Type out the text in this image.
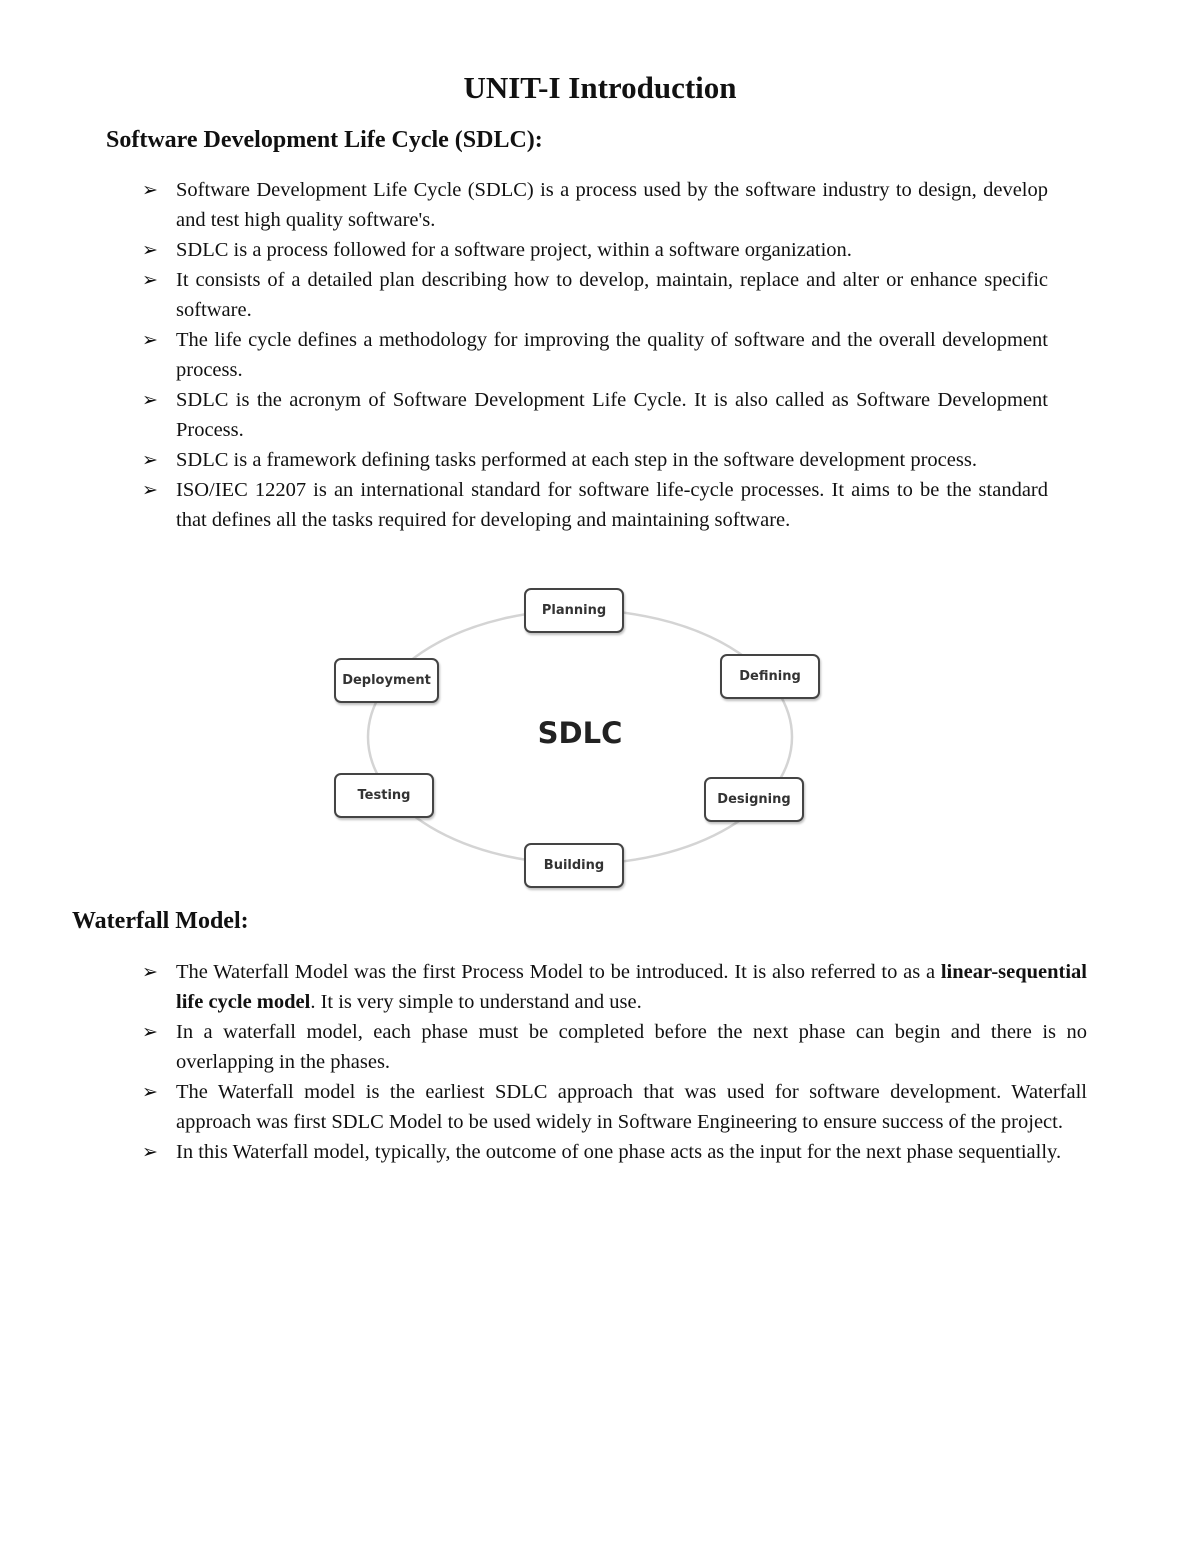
UNIT-I Introduction
Software Development Life Cycle (SDLC):
➢ Software Development Life Cycle (SDLC) is a process used by the software industry to design, develop and test high quality software's.
➢ SDLC is a process followed for a software project, within a software organization.
➢ It consists of a detailed plan describing how to develop, maintain, replace and alter or enhance specific software.
➢ The life cycle defines a methodology for improving the quality of software and the overall development process.
➢ SDLC is the acronym of Software Development Life Cycle. It is also called as Software Development Process.
➢ SDLC is a framework defining tasks performed at each step in the software development process.
➢ ISO/IEC 12207 is an international standard for software life-cycle processes. It aims to be the standard that defines all the tasks required for developing and maintaining software.
SDLC
Planning
Defining
Designing
Building
Testing
Deployment
Waterfall Model:
➢ The Waterfall Model was the first Process Model to be introduced. It is also referred to as a linear-sequential life cycle model. It is very simple to understand and use.
➢ In a waterfall model, each phase must be completed before the next phase can begin and there is no overlapping in the phases.
➢ The Waterfall model is the earliest SDLC approach that was used for software development. Waterfall approach was first SDLC Model to be used widely in Software Engineering to ensure success of the project.
➢ In this Waterfall model, typically, the outcome of one phase acts as the input for the next phase sequentially.
